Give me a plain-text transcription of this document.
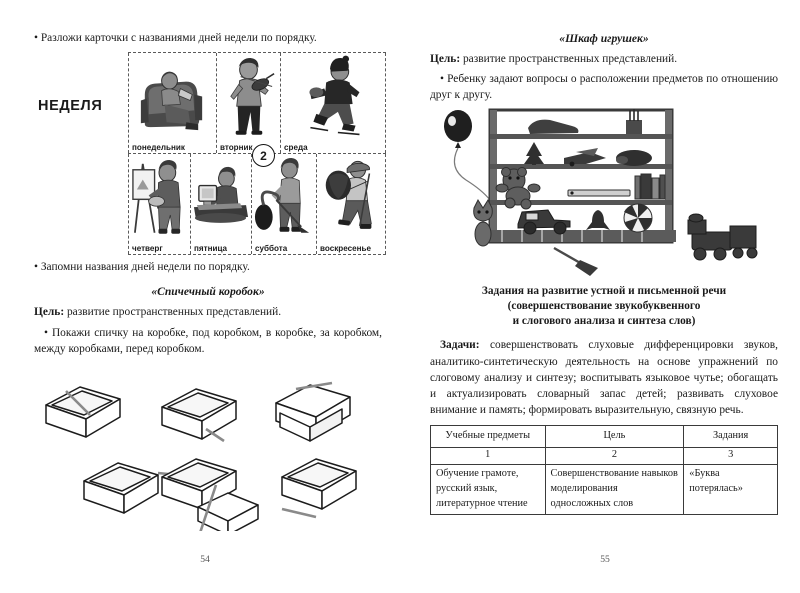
• Разложи карточки с названиями дней недели по порядку.

НЕДЕЛЯ
понедельник	вторник	среда
четверг	пятница	суббота	воскресенье
2

• Запомни названия дней недели по порядку.

«Спичечный коробок»

Цель: развитие пространственных представлений.

• Покажи спичку на коробке, под коробком, в коробке, за коробком, между коробками, перед коробком.

54
«Шкаф игрушек»

Цель: развитие пространственных представлений.

• Ребенку задают вопросы о расположении предметов по отношению друг к другу.

Задания на развитие устной и письменной речи
(совершенствование звукобуквенного
и слогового анализа и синтеза слов)

Задачи: совершенствовать слуховые дифференцировки звуков, аналитико-синтетическую деятельность на основе упражнений по слоговому анализу и синтезу; воспитывать языковое чутье; обогащать и актуализировать словарный запас детей; развивать слуховое внимание и память; формировать выразительную, связную речь.

Учебные предметы	Цель	Задания
1	2	3
Обучение грамоте, русский язык, литературное чтение	Совершенствование навыков моделирования односложных слов	«Буква потерялась»
55
